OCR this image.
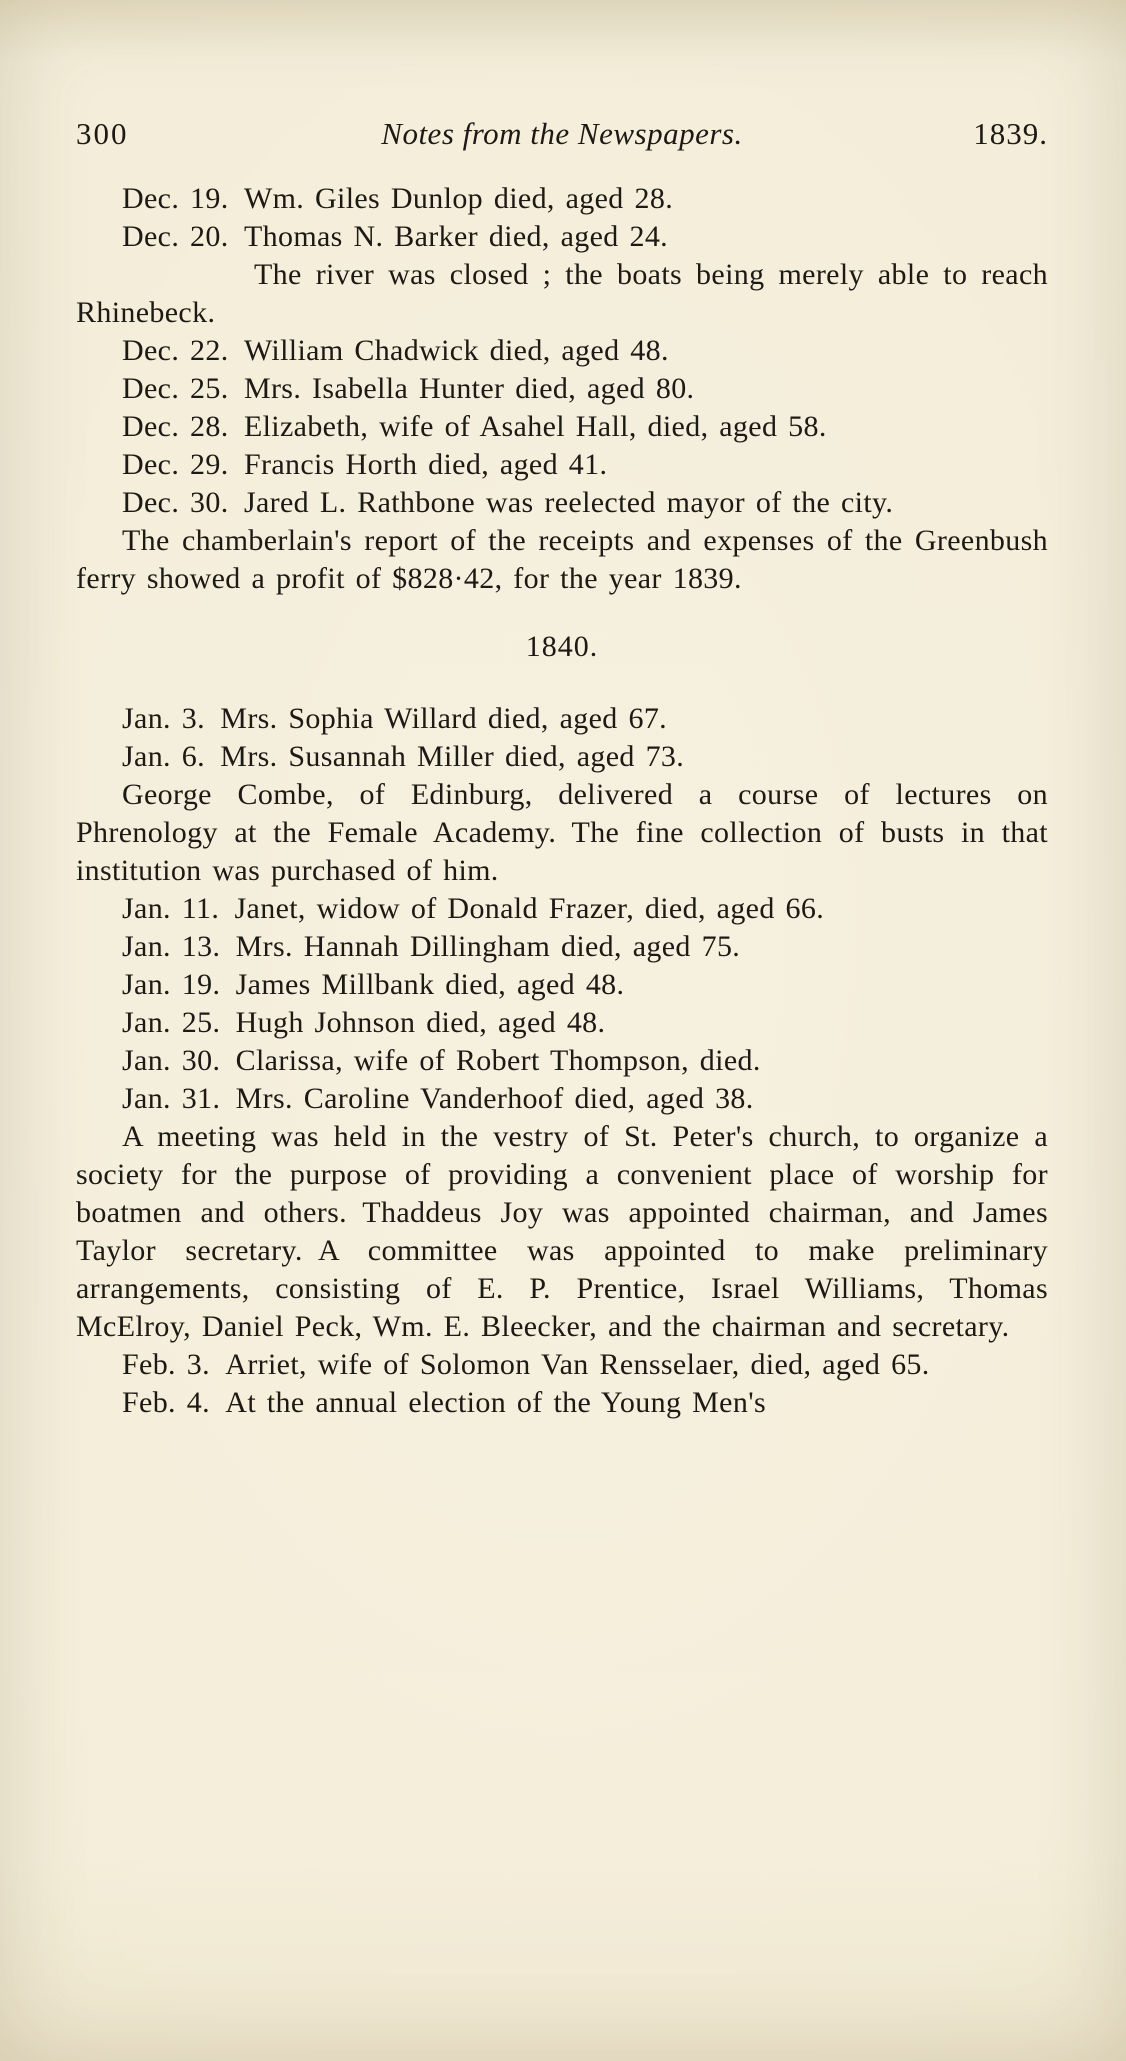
300	Notes from the Newspapers.	1839.

Dec. 19. Wm. Giles Dunlop died, aged 28.

Dec. 20. Thomas N. Barker died, aged 24.

The river was closed ; the boats being merely able to reach Rhinebeck.

Dec. 22. William Chadwick died, aged 48.

Dec. 25. Mrs. Isabella Hunter died, aged 80.

Dec. 28. Elizabeth, wife of Asahel Hall, died, aged 58.

Dec. 29. Francis Horth died, aged 41.

Dec. 30. Jared L. Rathbone was reelected mayor of the city.

The chamberlain's report of the receipts and expenses of the Greenbush ferry showed a profit of $828·42, for the year 1839.

1840.

Jan. 3. Mrs. Sophia Willard died, aged 67.

Jan. 6. Mrs. Susannah Miller died, aged 73.

George Combe, of Edinburg, delivered a course of lectures on Phrenology at the Female Academy. The fine collection of busts in that institution was purchased of him.

Jan. 11. Janet, widow of Donald Frazer, died, aged 66.

Jan. 13. Mrs. Hannah Dillingham died, aged 75.

Jan. 19. James Millbank died, aged 48.

Jan. 25. Hugh Johnson died, aged 48.

Jan. 30. Clarissa, wife of Robert Thompson, died.

Jan. 31. Mrs. Caroline Vanderhoof died, aged 38.

A meeting was held in the vestry of St. Peter's church, to organize a society for the purpose of providing a convenient place of worship for boatmen and others. Thaddeus Joy was appointed chairman, and James Taylor secretary. A committee was appointed to make preliminary arrangements, consisting of E. P. Prentice, Israel Williams, Thomas McElroy, Daniel Peck, Wm. E. Bleecker, and the chairman and secretary.

Feb. 3. Arriet, wife of Solomon Van Rensselaer, died, aged 65.

Feb. 4. At the annual election of the Young Men's
